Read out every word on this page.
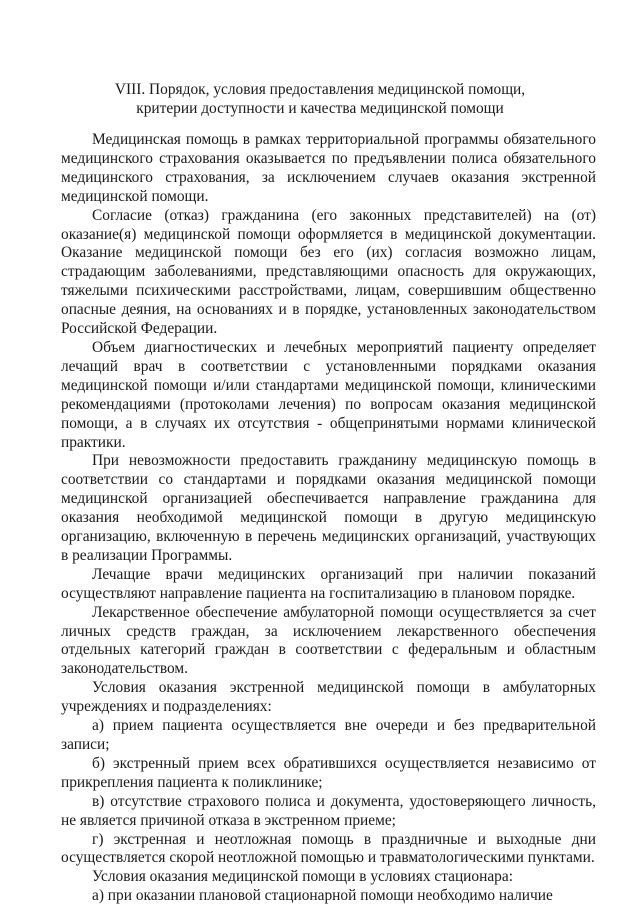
VIII. Порядок, условия предоставления медицинской помощи,
критерии доступности и качества медицинской помощи

Медицинская помощь в рамках территориальной программы обязательного медицинского страхования оказывается по предъявлении полиса обязательного медицинского страхования, за исключением случаев оказания экстренной медицинской помощи.

Согласие (отказ) гражданина (его законных представителей) на (от) оказание(я) медицинской помощи оформляется в медицинской документации. Оказание медицинской помощи без его (их) согласия возможно лицам, страдающим заболеваниями, представляющими опасность для окружающих, тяжелыми психическими расстройствами, лицам, совершившим общественно опасные деяния, на основаниях и в порядке, установленных законодательством Российской Федерации.

Объем диагностических и лечебных мероприятий пациенту определяет лечащий врач в соответствии с установленными порядками оказания медицинской помощи и/или стандартами медицинской помощи, клиническими рекомендациями (протоколами лечения) по вопросам оказания медицинской помощи, а в случаях их отсутствия - общепринятыми нормами клинической практики.

При невозможности предоставить гражданину медицинскую помощь в соответствии со стандартами и порядками оказания медицинской помощи медицинской организацией обеспечивается направление гражданина для оказания необходимой медицинской помощи в другую медицинскую организацию, включенную в перечень медицинских организаций, участвующих в реализации Программы.

Лечащие врачи медицинских организаций при наличии показаний осуществляют направление пациента на госпитализацию в плановом порядке.

Лекарственное обеспечение амбулаторной помощи осуществляется за счет личных средств граждан, за исключением лекарственного обеспечения отдельных категорий граждан в соответствии с федеральным и областным законодательством.

Условия оказания экстренной медицинской помощи в амбулаторных учреждениях и подразделениях:

а) прием пациента осуществляется вне очереди и без предварительной записи;

б) экстренный прием всех обратившихся осуществляется независимо от прикрепления пациента к поликлинике;

в) отсутствие страхового полиса и документа, удостоверяющего личность, не является причиной отказа в экстренном приеме;

г) экстренная и неотложная помощь в праздничные и выходные дни осуществляется скорой неотложной помощью и травматологическими пунктами.

Условия оказания медицинской помощи в условиях стационара:

а) при оказании плановой стационарной помощи необходимо наличие
